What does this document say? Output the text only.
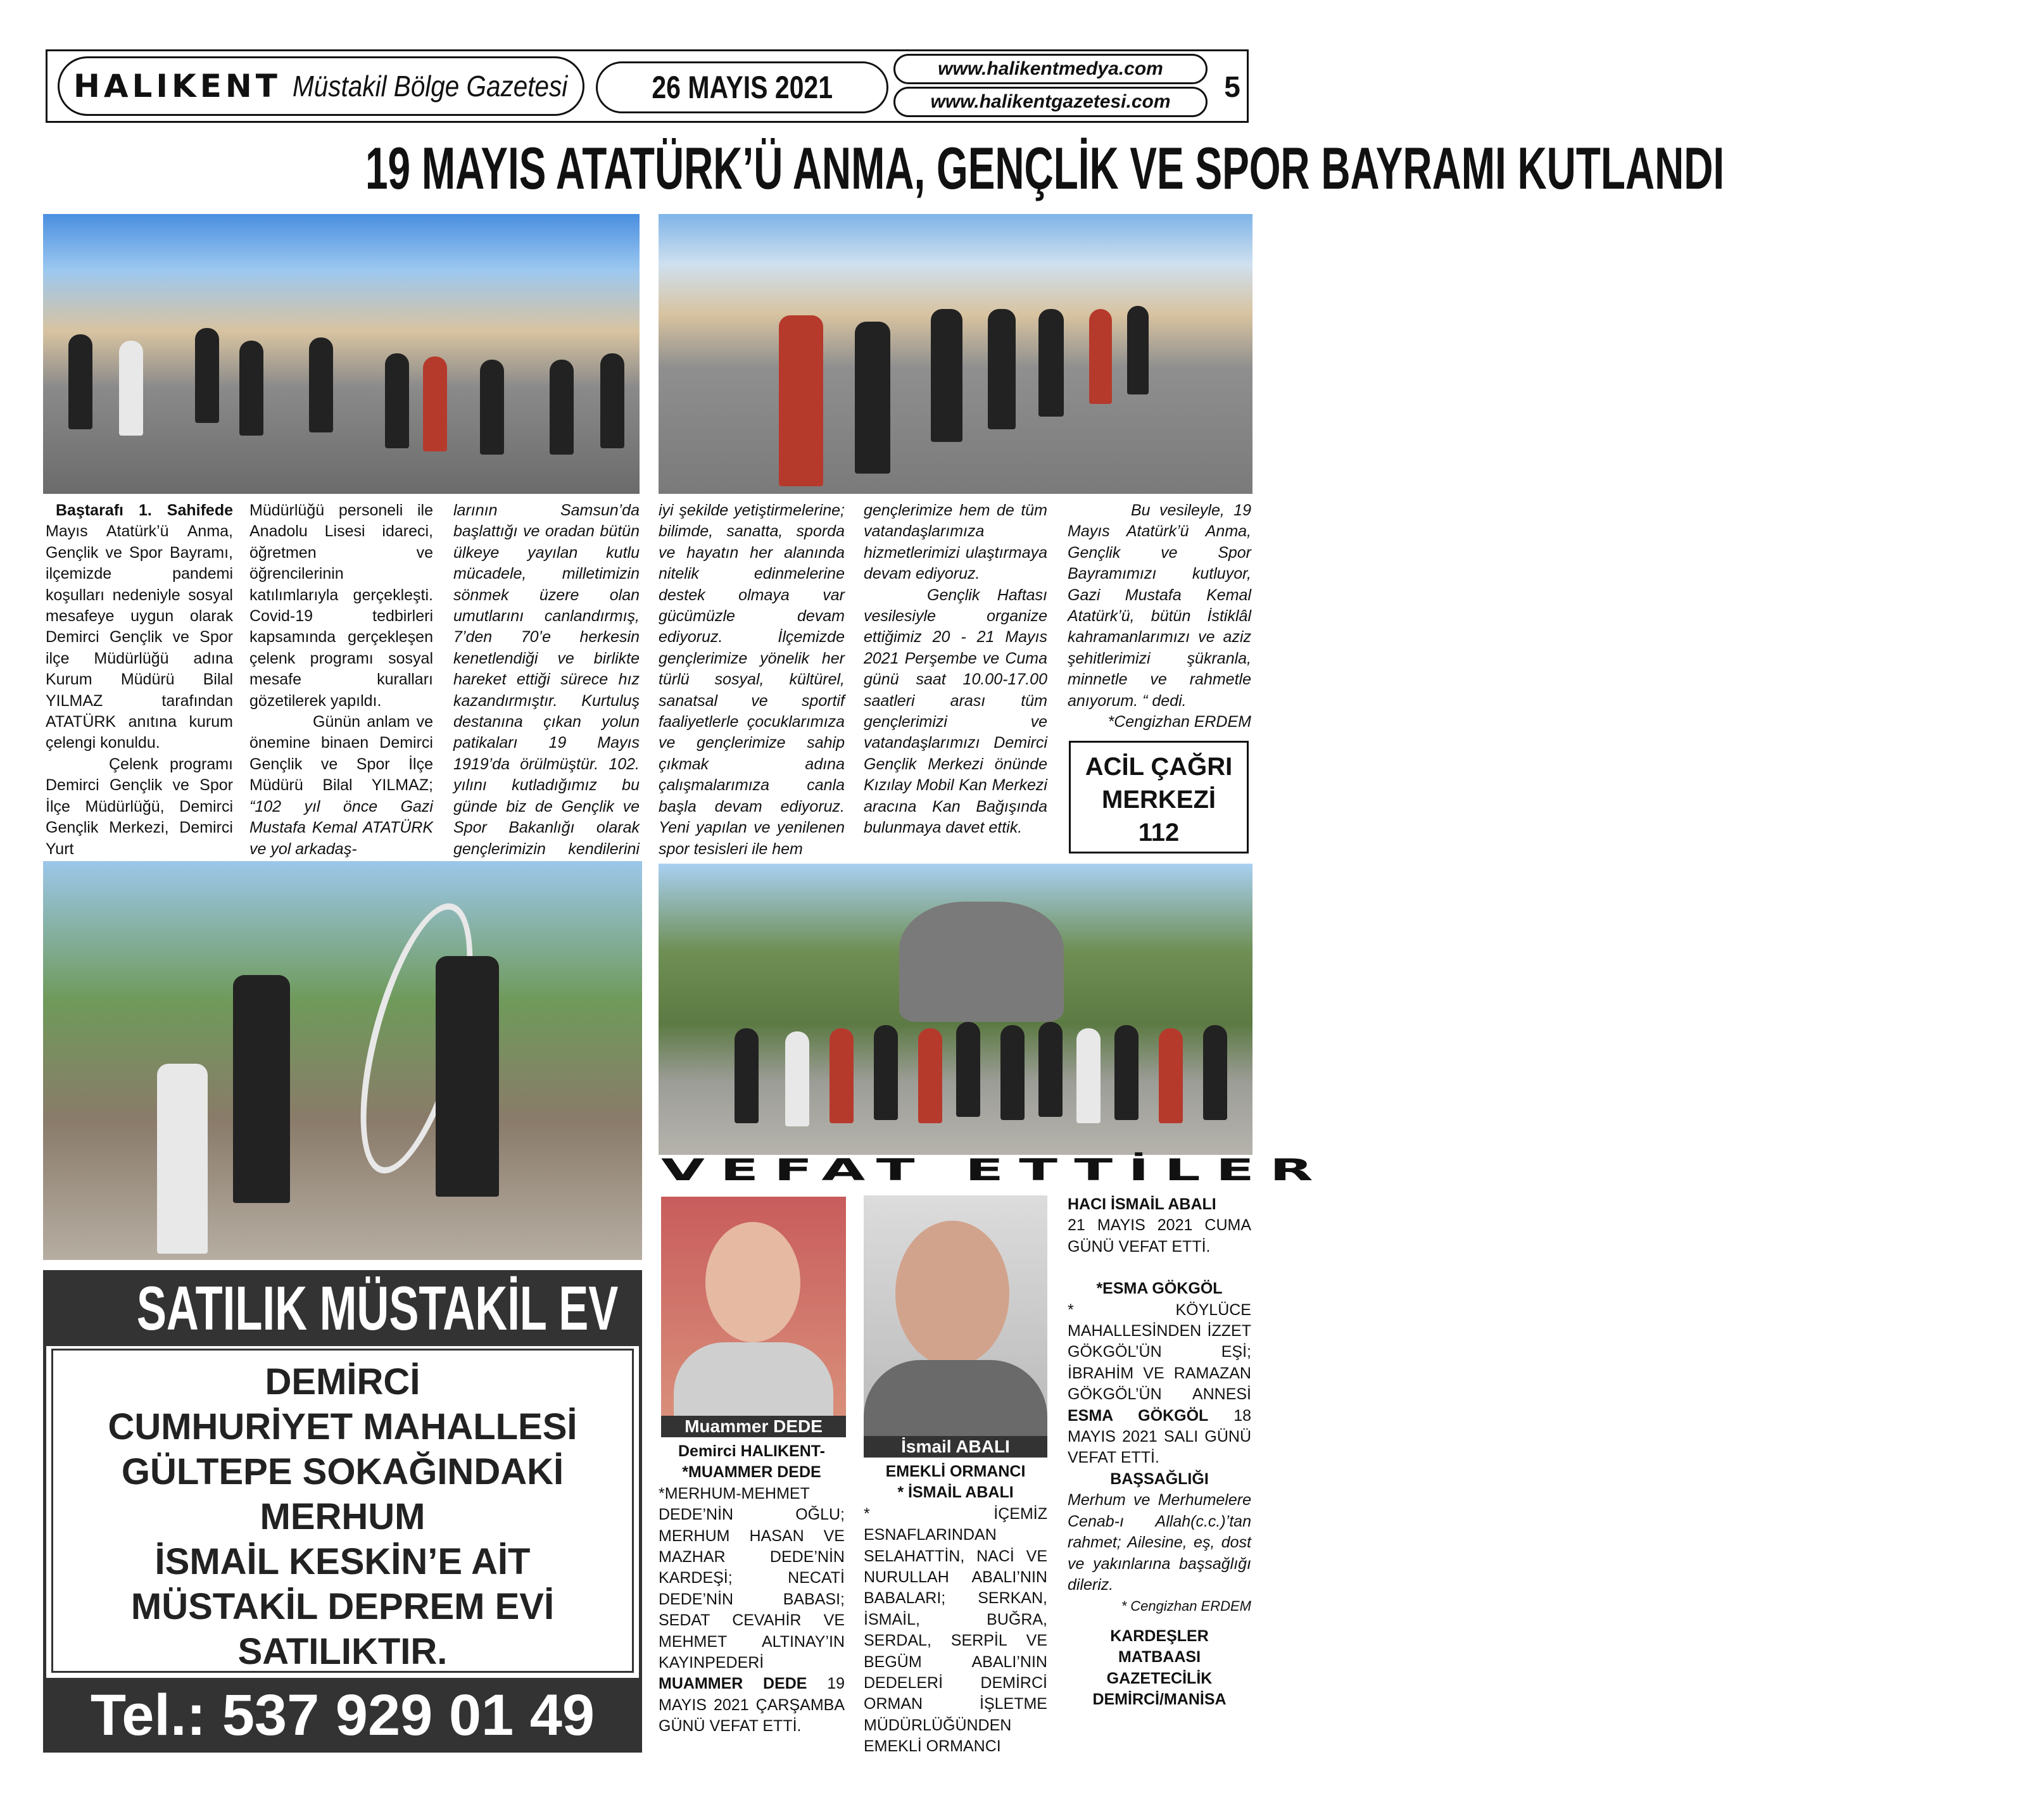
HALIKENT Müstakil Bölge Gazetesi	26 MAYIS 2021
www.halikentmedya.com
www.halikentgazetesi.com	5
19 MAYIS ATATÜRK’Ü ANMA, GENÇLİK VE SPOR BAYRAMI KUTLANDI

Baştarafı 1. Sahifede Mayıs Atatürk’ü Anma, Gençlik ve Spor Bayramı, ilçemizde pandemi koşulları nedeniyle sosyal mesafeye uygun olarak Demirci Gençlik ve Spor ilçe Müdürlüğü adına Kurum Müdürü Bilal YILMAZ tarafından ATATÜRK anıtına kurum çelengi konuldu.

Çelenk programı Demirci Gençlik ve Spor İlçe Müdürlüğü, Demirci Gençlik Merkezi, Demirci Yurt

Müdürlüğü personeli ile Anadolu Lisesi idareci, öğretmen ve öğrencilerinin katılımlarıyla gerçekleşti. Covid-19 tedbirleri kapsamında gerçekleşen çelenk programı sosyal mesafe kuralları gözetilerek yapıldı.

Günün anlam ve önemine binaen Demirci Gençlik ve Spor İlçe Müdürü Bilal YILMAZ; “102 yıl önce Gazi Mustafa Kemal ATATÜRK ve yol arkadaş-

larının Samsun’da başlattığı ve oradan bütün ülkeye yayılan kutlu mücadele, milletimizin sönmek üzere olan umutlarını canlandırmış, 7’den 70’e herkesin kenetlendiği ve birlikte hareket ettiği sürece hız kazandırmıştır. Kurtuluş destanına çıkan yolun patikaları 19 Mayıs 1919’da örülmüştür. 102. yılını kutladığımız bu günde biz de Gençlik ve Spor Bakanlığı olarak gençlerimizin kendilerini

iyi şekilde yetiştirmelerine; bilimde, sanatta, sporda ve hayatın her alanında nitelik edinmelerine destek olmaya var gücümüzle devam ediyoruz. İlçemizde gençlerimize yönelik her türlü sosyal, kültürel, sanatsal ve sportif faaliyetlerle çocuklarımıza ve gençlerimize sahip çıkmak adına çalışmalarımıza canla başla devam ediyoruz. Yeni yapılan ve yenilenen spor tesisleri ile hem

gençlerimize hem de tüm vatandaşlarımıza hizmetlerimizi ulaştırmaya devam ediyoruz.

Gençlik Haftası vesilesiyle organize ettiğimiz 20 - 21 Mayıs 2021 Perşembe ve Cuma günü saat 10.00-17.00 saatleri arası tüm gençlerimizi ve vatandaşlarımızı Demirci Gençlik Merkezi önünde Kızılay Mobil Kan Merkezi aracına Kan Bağışında bulunmaya davet ettik.

Bu vesileyle, 19 Mayıs Atatürk’ü Anma, Gençlik ve Spor Bayramımızı kutluyor, Gazi Mustafa Kemal Atatürk’ü, bütün İstiklâl kahramanlarımızı ve aziz şehitlerimizi şükranla, minnetle ve rahmetle anıyorum. “ dedi.

*Cengizhan ERDEM

ACİL ÇAĞRI
MERKEZİ
112
SATILIK MÜSTAKİL EV
DEMİRCİ
CUMHURİYET MAHALLESİ
GÜLTEPE SOKAĞINDAKİ
MERHUM
İSMAİL KESKİN’E AİT
MÜSTAKİL DEPREM EVİ
SATILIKTIR.
Tel.: 537 929 01 49
VEFAT ETTİLER
Muammer DEDE
İsmail ABALI

Demirci HALIKENT-

*MUAMMER DEDE

*MERHUM-MEHMET DEDE’NİN OĞLU; MERHUM HASAN VE MAZHAR DEDE’NİN KARDEŞİ; NECATİ DEDE’NİN BABASI; SEDAT CEVAHİR VE MEHMET ALTINAY’IN KAYINPEDERİ MUAMMER DEDE 19 MAYIS 2021 ÇARŞAMBA GÜNÜ VEFAT ETTİ.

EMEKLİ ORMANCI

* İSMAİL ABALI

* İÇEMİZ ESNAFLARINDAN SELAHATTİN, NACİ VE NURULLAH ABALI’NIN BABALARI; SERKAN, İSMAİL, BUĞRA, SERDAL, SERPİL VE BEGÜM ABALI’NIN DEDELERİ DEMİRCİ ORMAN İŞLETME MÜDÜRLÜĞÜNDEN EMEKLİ ORMANCI

HACI İSMAİL ABALI

21 MAYIS 2021 CUMA GÜNÜ VEFAT ETTİ.

*ESMA GÖKGÖL

* KÖYLÜCE MAHALLESİNDEN İZZET GÖKGÖL’ÜN EŞİ; İBRAHİM VE RAMAZAN GÖKGÖL’ÜN ANNESİ ESMA GÖKGÖL 18 MAYIS 2021 SALI GÜNÜ VEFAT ETTİ.

BAŞSAĞLIĞI

Merhum ve Merhumelere Cenab-ı Allah(c.c.)’tan rahmet; Ailesine, eş, dost ve yakınlarına başsağlığı dileriz.

* Cengizhan ERDEM

KARDEŞLER

MATBAASI

GAZETECİLİK

DEMİRCİ/MANİSA
